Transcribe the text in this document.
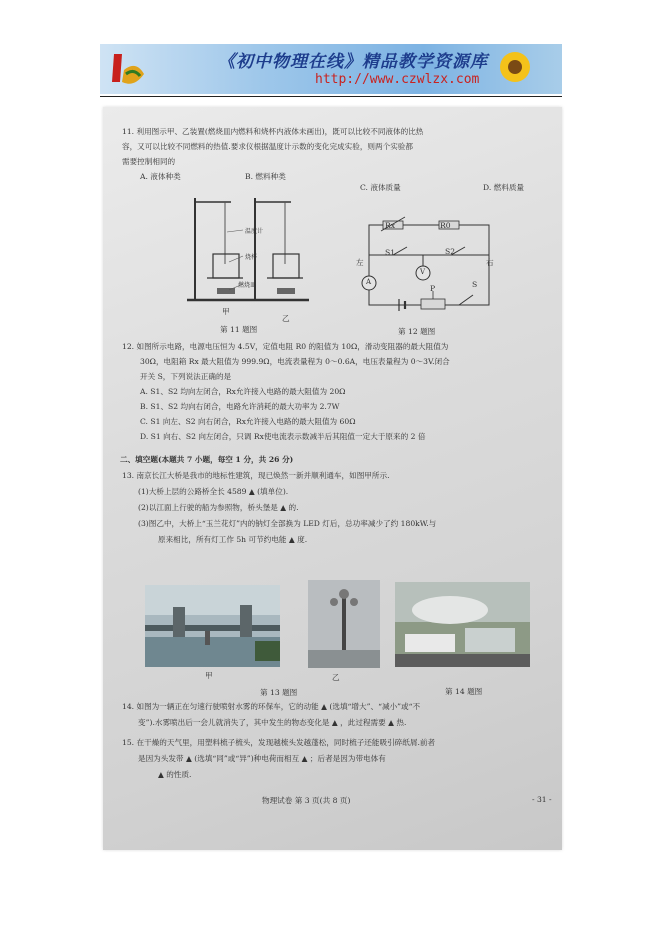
《初中物理在线》精品教学资源库
http://www.czwlzx.com
11. 利用图示甲、乙装置(燃烧皿内燃料和烧杯内液体未画出)，既可以比较不同液体的比热
容，又可以比较不同燃料的热值.要求仪根据温度计示数的变化完成实验，则两个实验都
需要控制相同的
A. 液体种类	B. 燃料种类
C. 液体质量	D. 燃料质量
温度计
烧杯
燃烧皿
甲
乙
第 11 题图
Rx	R0
S1	S2
左	右
V
A
P	S
第 12 题图
12. 如图所示电路，电源电压恒为 4.5V，定值电阻 R0 的阻值为 10Ω，滑动变阻器的最大阻值为
30Ω，电阻箱 Rx 最大阻值为 999.9Ω，电流表量程为 0～0.6A，电压表量程为 0～3V.闭合
开关 S，下列说法正确的是
A. S1、S2 均向左闭合，Rx允许接入电路的最大阻值为 20Ω
B. S1、S2 均向右闭合，电路允许消耗的最大功率为 2.7W
C. S1 向左、S2 向右闭合，Rx允许接入电路的最大阻值为 60Ω
D. S1 向右、S2 向左闭合，只调 Rx使电流表示数减半后其阻值一定大于原来的 2 倍
二、填空题(本题共 7 小题，每空 1 分，共 26 分)
13. 南京长江大桥是我市的地标性建筑，现已焕然一新并顺利通车，如图甲所示.
(1)大桥上层的公路桥全长 4589 ▲ (填单位).
(2)以江面上行驶的船为参照物，桥头堡是 ▲ 的.
(3)图乙中，大桥上“玉兰花灯”内的钠灯全部换为 LED 灯后，总功率减少了约 180kW.与
原来相比，所有灯工作 5h 可节约电能 ▲ 度.
甲	乙
第 13 题图	第 14 题图
14. 如图为一辆正在匀速行驶喷射水雾的环保车，它的动能 ▲ (选填“增大”、“减小”或“不
变”).水雾喷出后一会儿就消失了，其中发生的物态变化是 ▲ ，此过程需要 ▲ 热.
15. 在干燥的天气里，用塑料梳子梳头，发现越梳头发越蓬松，同时梳子还能吸引碎纸屑.前者
是因为头发带 ▲ (选填“同”或“异”)种电荷而相互 ▲ ；后者是因为带电体有
▲ 的性质.
物理试卷 第 3 页(共 8 页)	- 31 -
